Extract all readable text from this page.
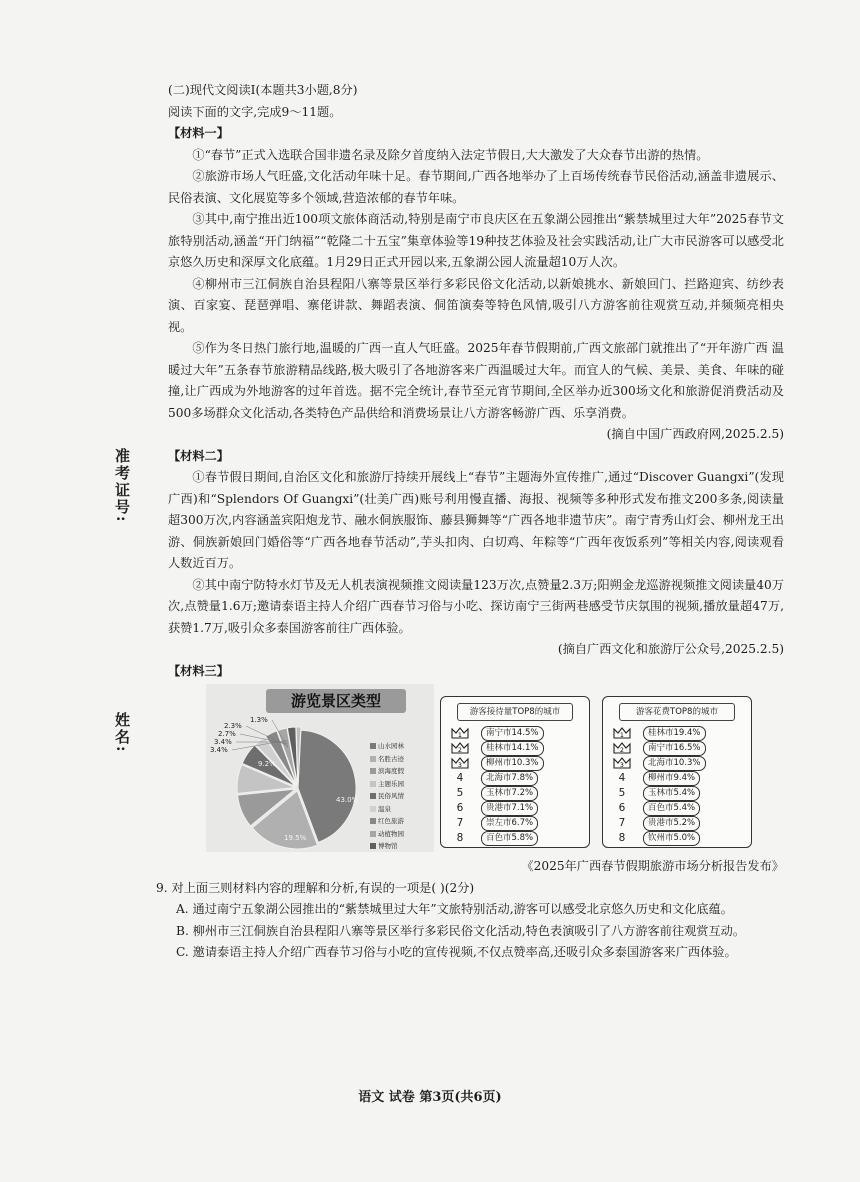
准考证号:
姓名:

(二)现代文阅读Ⅰ(本题共3小题,8分)

阅读下面的文字,完成9～11题。

【材料一】

①“春节”正式入选联合国非遗名录及除夕首度纳入法定节假日,大大激发了大众春节出游的热情。

②旅游市场人气旺盛,文化活动年味十足。春节期间,广西各地举办了上百场传统春节民俗活动,涵盖非遗展示、民俗表演、文化展览等多个领域,营造浓郁的春节年味。

③其中,南宁推出近100项文旅体商活动,特别是南宁市良庆区在五象湖公园推出“紫禁城里过大年”2025春节文旅特别活动,涵盖“开门纳福”“乾隆二十五宝”集章体验等19种技艺体验及社会实践活动,让广大市民游客可以感受北京悠久历史和深厚文化底蕴。1月29日正式开园以来,五象湖公园人流量超10万人次。

④柳州市三江侗族自治县程阳八寨等景区举行多彩民俗文化活动,以新娘挑水、新娘回门、拦路迎宾、纺纱表演、百家宴、琵琶弹唱、寨佬讲款、舞蹈表演、侗笛演奏等特色风情,吸引八方游客前往观赏互动,并频频亮相央视。

⑤作为冬日热门旅行地,温暖的广西一直人气旺盛。2025年春节假期前,广西文旅部门就推出了“开年游广西 温暖过大年”五条春节旅游精品线路,极大吸引了各地游客来广西温暖过大年。而宜人的气候、美景、美食、年味的碰撞,让广西成为外地游客的过年首选。据不完全统计,春节至元宵节期间,全区举办近300场文化和旅游促消费活动及500多场群众文化活动,各类特色产品供给和消费场景让八方游客畅游广西、乐享消费。

(摘自中国广西政府网,2025.2.5)

【材料二】

①春节假日期间,自治区文化和旅游厅持续开展线上“春节”主题海外宣传推广,通过“Discover Guangxi”(发现广西)和“Splendors Of Guangxi”(壮美广西)账号利用慢直播、海报、视频等多种形式发布推文200多条,阅读量超300万次,内容涵盖宾阳炮龙节、融水侗族服饰、藤县狮舞等“广西各地非遗节庆”。南宁青秀山灯会、柳州龙王出游、侗族新娘回门婚俗等“广西各地春节活动”,芋头扣肉、白切鸡、年粽等“广西年夜饭系列”等相关内容,阅读观看人数近百万。

②其中南宁防特水灯节及无人机表演视频推文阅读量123万次,点赞量2.3万;阳朔金龙巡游视频推文阅读量40万次,点赞量1.6万;邀请泰语主持人介绍广西春节习俗与小吃、探访南宁三街两巷感受节庆氛围的视频,播放量超47万,获赞1.7万,吸引众多泰国游客前往广西体验。

(摘自广西文化和旅游厅公众号,2025.2.5)

【材料三】

游览景区类型
43.0%
19.5%
9.2%
3.4%
3.4%
2.7%
2.3%
1.3%
山水园林
名胜古迹
滨海度假
主题乐园
民俗风情
温泉
红色旅游
动植物园
博物馆
游客接待量TOP8的城市
1	南宁市14.5%
2	桂林市14.1%
3	柳州市10.3%
4	北海市7.8%
5	玉林市7.2%
6	贵港市7.1%
7	崇左市6.7%
8	百色市5.8%
游客花费TOP8的城市
1	桂林市19.4%
2	南宁市16.5%
3	北海市10.3%
4	柳州市9.4%
5	玉林市5.4%
6	百色市5.4%
7	贵港市5.2%
8	钦州市5.0%

《2025年广西春节假期旅游市场分析报告发布》

9. 对上面三则材料内容的理解和分析,有误的一项是( )(2分)

A. 通过南宁五象湖公园推出的“紫禁城里过大年”文旅特别活动,游客可以感受北京悠久历史和文化底蕴。

B. 柳州市三江侗族自治县程阳八寨等景区举行多彩民俗文化活动,特色表演吸引了八方游客前往观赏互动。

C. 邀请泰语主持人介绍广西春节习俗与小吃的宣传视频,不仅点赞率高,还吸引众多泰国游客来广西体验。

语文 试卷 第3页(共6页)
